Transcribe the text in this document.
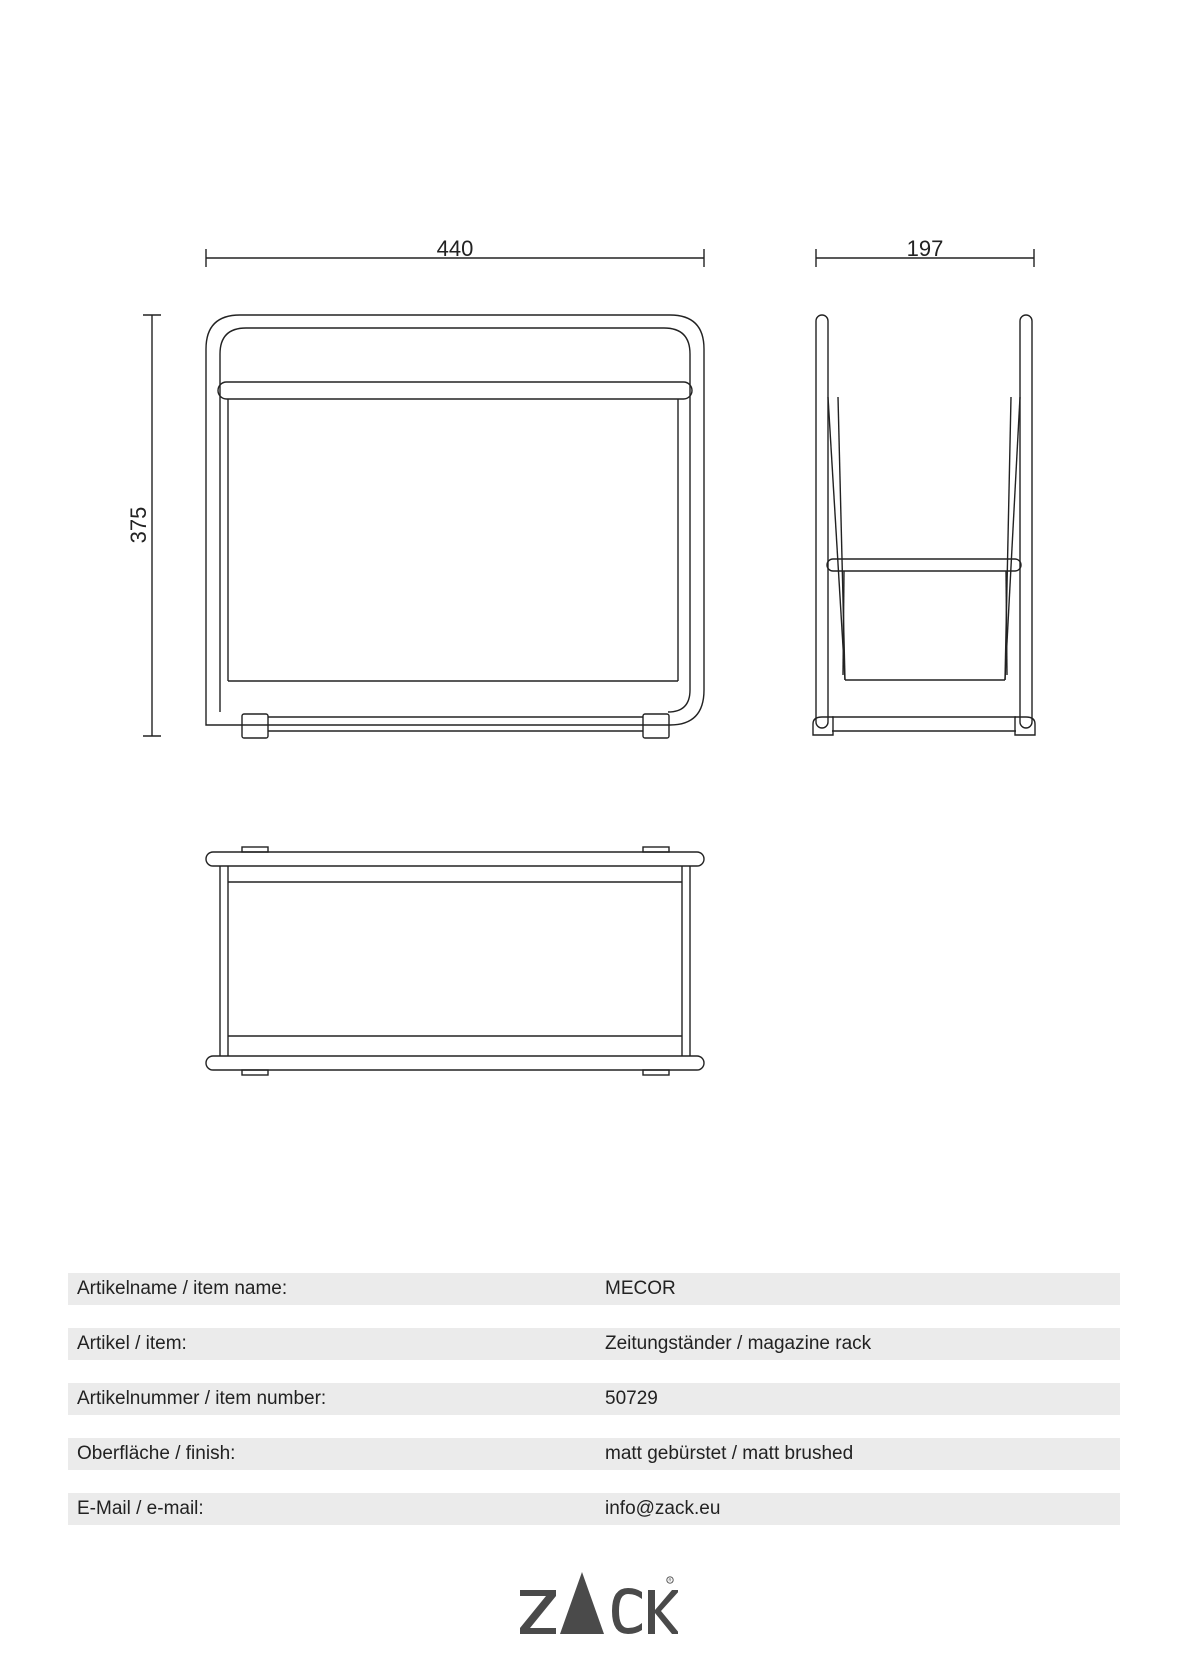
440	197
375
Artikelname / item name:	MECOR
Artikel / item:	Zeitungständer / magazine rack
Artikelnummer / item number:	50729
Oberfläche / finish:	matt gebürstet / matt brushed
E-Mail / e-mail:	info@zack.eu
R
